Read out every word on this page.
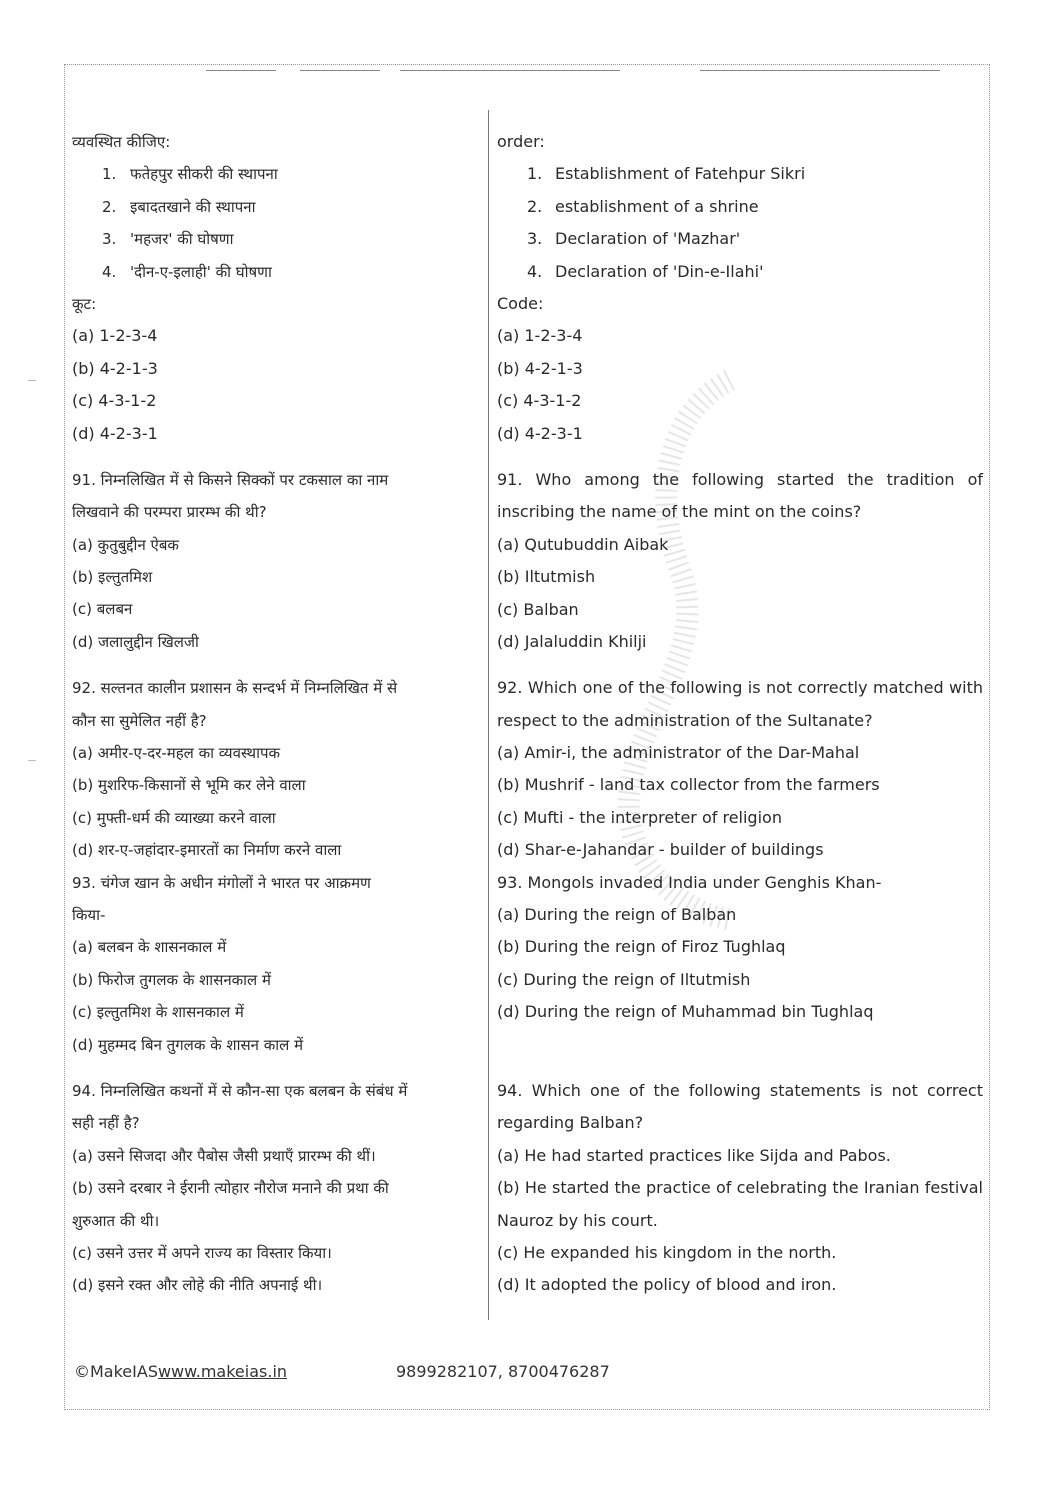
व्यवस्थित कीजिए:
1. फतेहपुर सीकरी की स्थापना
2. इबादतखाने की स्थापना
3. 'महजर' की घोषणा
4. 'दीन-ए-इलाही' की घोषणा
कूट:
(a) 1-2-3-4
(b) 4-2-1-3
(c) 4-3-1-2
(d) 4-2-3-1
91. निम्नलिखित में से किसने सिक्कों पर टकसाल का नाम
लिखवाने की परम्परा प्रारम्भ की थी?
(a) कुतुबुद्दीन ऐबक
(b) इल्तुतमिश
(c) बलबन
(d) जलालुद्दीन खिलजी
92. सल्तनत कालीन प्रशासन के सन्दर्भ में निम्नलिखित में से
कौन सा सुमेलित नहीं है?
(a) अमीर-ए-दर-महल का व्यवस्थापक
(b) मुशरिफ-किसानों से भूमि कर लेने वाला
(c) मुफ्ती-धर्म की व्याख्या करने वाला
(d) शर-ए-जहांदार-इमारतों का निर्माण करने वाला
93. चंगेज खान के अधीन मंगोलों ने भारत पर आक्रमण
किया-
(a) बलबन के शासनकाल में
(b) फिरोज तुगलक के शासनकाल में
(c) इल्तुतमिश के शासनकाल में
(d) मुहम्मद बिन तुगलक के शासन काल में
94. निम्नलिखित कथनों में से कौन-सा एक बलबन के संबंध में
सही नहीं है?
(a) उसने सिजदा और पैबोस जैसी प्रथाएँ प्रारम्भ की थीं।
(b) उसने दरबार ने ईरानी त्योहार नौरोज मनाने की प्रथा की
शुरुआत की थी।
(c) उसने उत्तर में अपने राज्य का विस्तार किया।
(d) इसने रक्त और लोहे की नीति अपनाई थी।
order:
1. Establishment of Fatehpur Sikri
2. establishment of a shrine
3. Declaration of 'Mazhar'
4. Declaration of 'Din-e-Ilahi'
Code:
(a) 1-2-3-4
(b) 4-2-1-3
(c) 4-3-1-2
(d) 4-2-3-1
91. Who among the following started the tradition of inscribing the name of the mint on the coins?
(a) Qutubuddin Aibak
(b) Iltutmish
(c) Balban
(d) Jalaluddin Khilji
92. Which one of the following is not correctly matched with respect to the administration of the Sultanate?
(a) Amir-i, the administrator of the Dar-Mahal
(b) Mushrif - land tax collector from the farmers
(c) Mufti - the interpreter of religion
(d) Shar-e-Jahandar - builder of buildings
93. Mongols invaded India under Genghis Khan-
(a) During the reign of Balban
(b) During the reign of Firoz Tughlaq
(c) During the reign of Iltutmish
(d) During the reign of Muhammad bin Tughlaq
94. Which one of the following statements is not correct regarding Balban?
(a) He had started practices like Sijda and Pabos.
(b) He started the practice of celebrating the Iranian festival Nauroz by his court.
(c) He expanded his kingdom in the north.
(d) It adopted the policy of blood and iron.
©MakeIASwww.makeias.in	9899282107, 8700476287
